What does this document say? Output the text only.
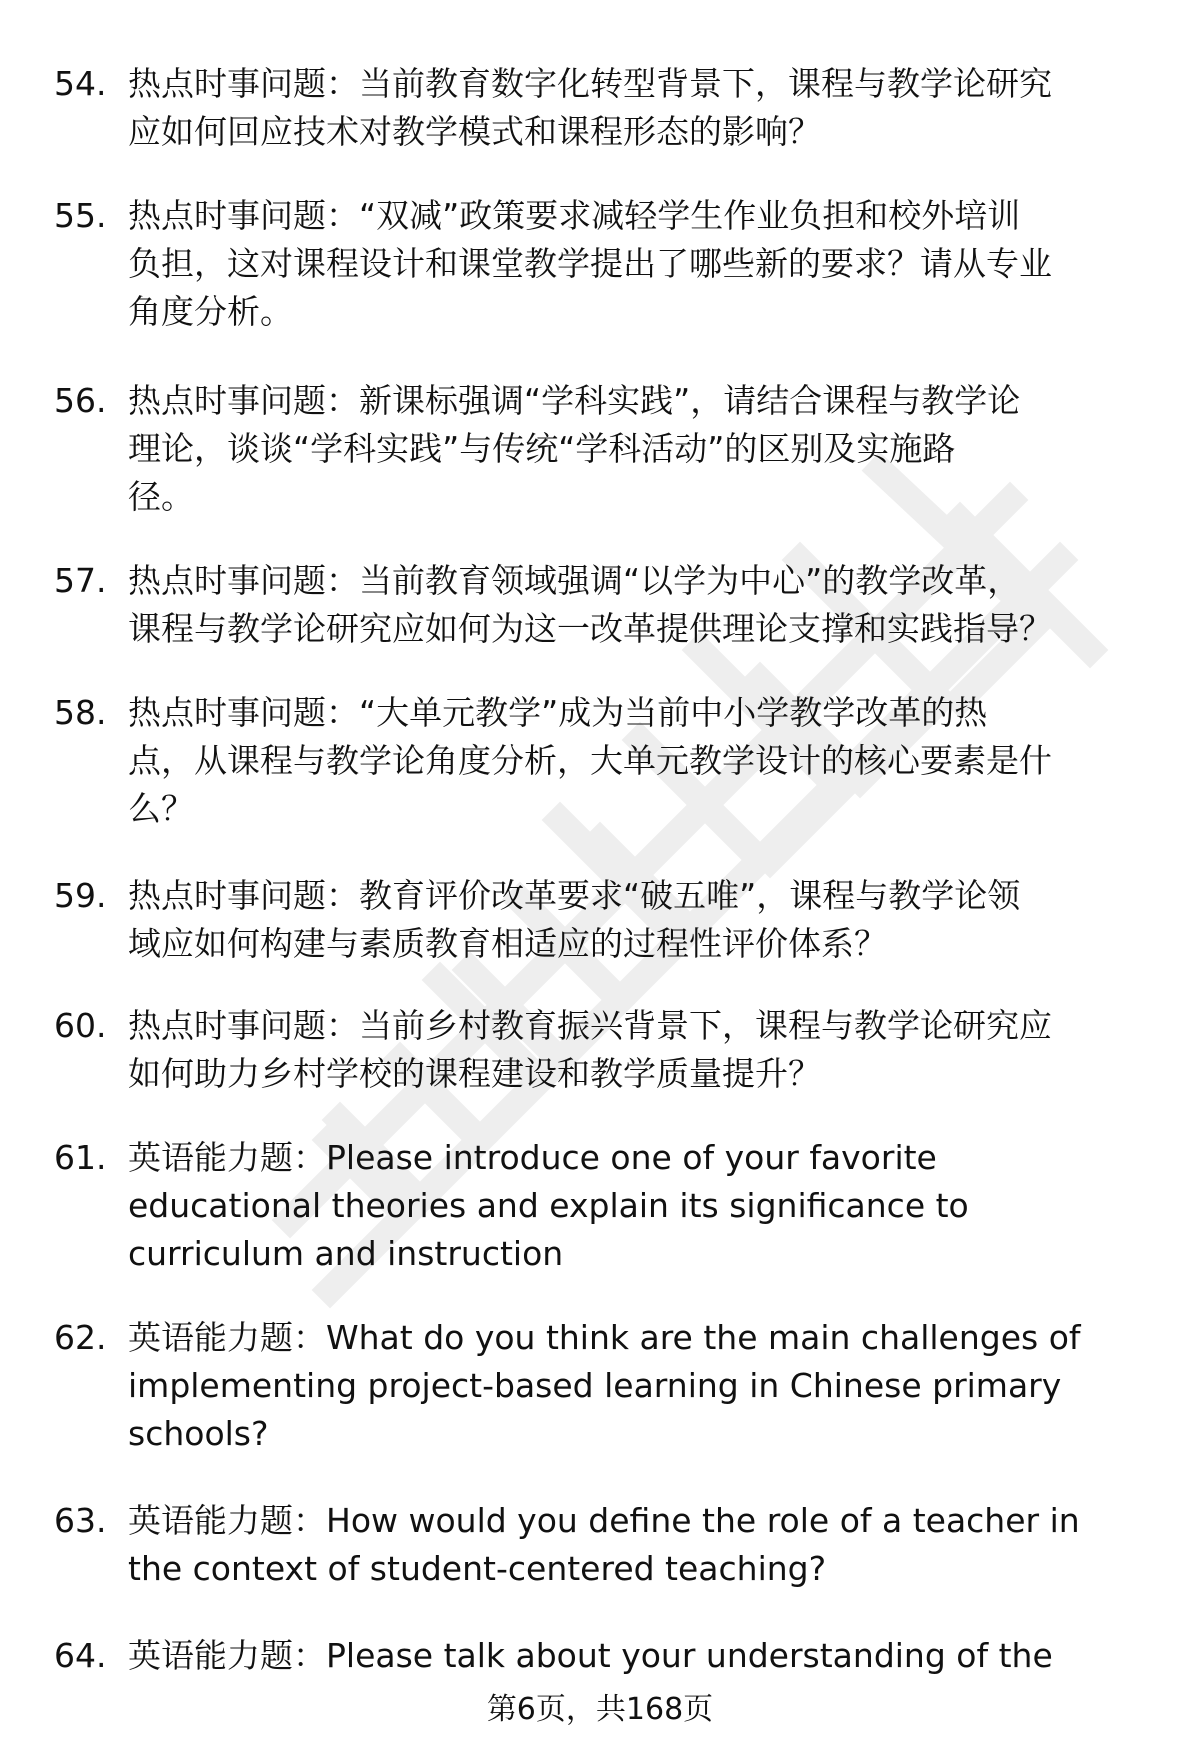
54. 热点时事问题：当前教育数字化转型背景下，课程与教学论研究
应如何回应技术对教学模式和课程形态的影响？
55. 热点时事问题：“双减”政策要求减轻学生作业负担和校外培训
负担，这对课程设计和课堂教学提出了哪些新的要求？请从专业
角度分析。
56. 热点时事问题：新课标强调“学科实践”，请结合课程与教学论
理论，谈谈“学科实践”与传统“学科活动”的区别及实施路
径。
57. 热点时事问题：当前教育领域强调“以学为中心”的教学改革，
课程与教学论研究应如何为这一改革提供理论支撑和实践指导？
58. 热点时事问题：“大单元教学”成为当前中小学教学改革的热
点，从课程与教学论角度分析，大单元教学设计的核心要素是什
么？
59. 热点时事问题：教育评价改革要求“破五唯”，课程与教学论领
域应如何构建与素质教育相适应的过程性评价体系？
60. 热点时事问题：当前乡村教育振兴背景下，课程与教学论研究应
如何助力乡村学校的课程建设和教学质量提升？
61. 英语能力题：Please introduce one of your favorite
educational theories and explain its significance to
curriculum and instruction
62. 英语能力题：What do you think are the main challenges of
implementing project-based learning in Chinese primary
schools?
63. 英语能力题：How would you define the role of a teacher in
the context of student-centered teaching?
64. 英语能力题：Please talk about your understanding of the
第6页，共168页
